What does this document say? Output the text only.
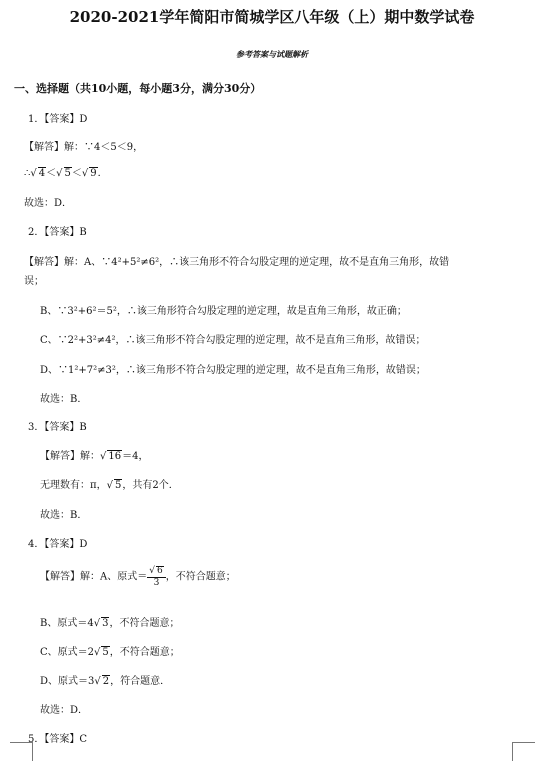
2020-2021学年简阳市简城学区八年级（上）期中数学试卷
参考答案与试题解析
一、选择题（共10小题，每小题3分，满分30分）
1．【答案】D
【解答】解：∵4＜5＜9，
∴√ 4＜√ 5＜√ 9．
故选：D．
2．【答案】B
【解答】解：A、∵4²+5²≠6²，∴该三角形不符合勾股定理的逆定理，故不是直角三角形，故错
误；
B、∵3²+6²＝5²，∴该三角形符合勾股定理的逆定理，故是直角三角形，故正确；
C、∵2²+3²≠4²，∴该三角形不符合勾股定理的逆定理，故不是直角三角形，故错误；
D、∵1²+7²≠3²，∴该三角形不符合勾股定理的逆定理，故不是直角三角形，故错误；
故选：B．
3．【答案】B
【解答】解：√ 16＝4，
无理数有：π，√ 5，共有2个．
故选：B．
4．【答案】D
【解答】解：A、原式＝ $\frac{√ 6}{3}$ ，不符合题意；
B、原式＝4√ 3，不符合题意；
C、原式＝2√ 5，不符合题意；
D、原式＝3√ 2，符合题意．
故选：D．
5．【答案】C
